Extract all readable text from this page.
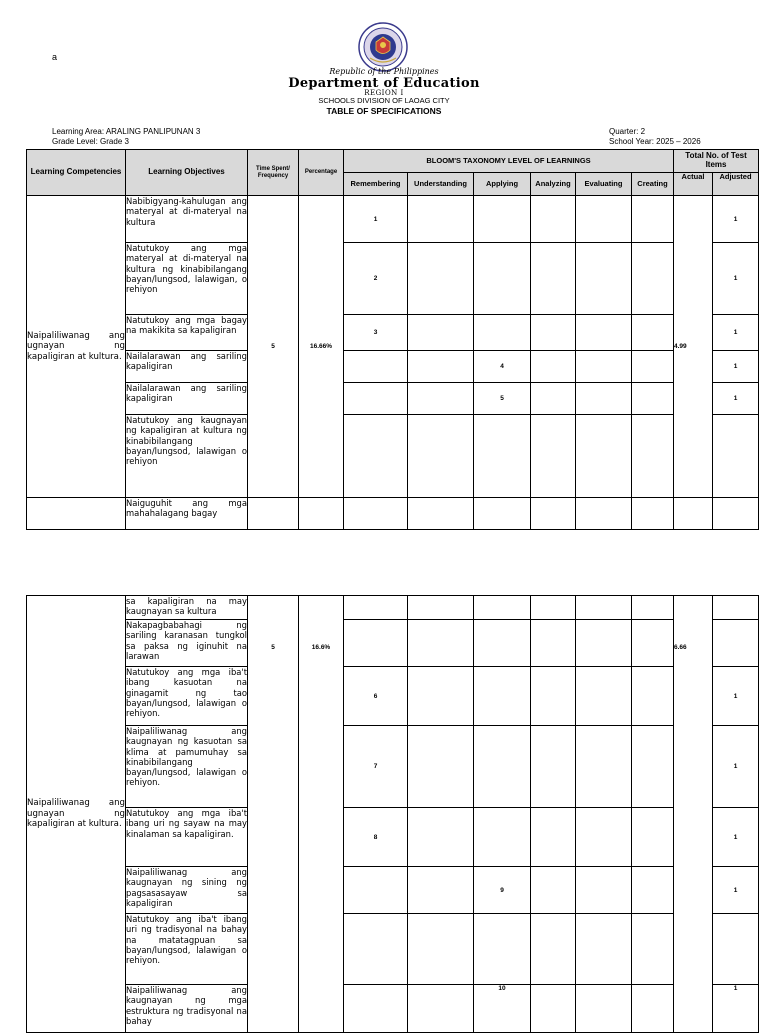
a
Republic of the Philippines
Department of Education
REGION I
SCHOOLS DIVISION OF LAOAG CITY
TABLE OF SPECIFICATIONS
Learning Area: ARALING PANLIPUNAN 3
Grade Level: Grade 3
Quarter: 2
School Year: 2025 – 2026
Learning Competencies	Learning Objectives	Time Spent/ Frequency	Percentage	BLOOM'S TAXONOMY LEVEL OF LEARNINGS						Total No. of Test Items	
				Remembering	Understanding	Applying	Analyzing	Evaluating	Creating	Actual	Adjusted
Naipaliliwanag ang ugnayan ng kapaligiran at kultura.	Nabibigyang-kahulugan ang materyal at di-materyal na kultura	5	16.66%	1						4.99	1
	Natutukoy ang mga materyal at di-materyal na kultura ng kinabibilangang bayan/lungsod, lalawigan, o rehiyon			2							1
	Natutukoy ang mga bagay na makikita sa kapaligiran			3							1
	Nailalarawan ang sariling kapaligiran					4					1
	Nailalarawan ang sariling kapaligiran					5					1
	Natutukoy ang kaugnayan ng kapaligiran at kultura ng kinabibilangang bayan/lungsod, lalawigan o rehiyon										
	Naiguguhit ang mga mahahalagang bagay										
Naipaliliwanag ang ugnayan ng kapaligiran at kultura.	sa kapaligiran na may kaugnayan sa kultura	5	16.6%							6.66	
	Nakapagbabahagi ng sariling karanasan tungkol sa paksa ng iginuhit na larawan										
	Natutukoy ang mga iba't ibang kasuotan na ginagamit ng tao bayan/lungsod, lalawigan o rehiyon.			6							1
	Naipaliliwanag ang kaugnayan ng kasuotan sa klima at pamumuhay sa kinabibilangang bayan/lungsod, lalawigan o rehiyon.			7							1
	Natutukoy ang mga iba't ibang uri ng sayaw na may kinalaman sa kapaligiran.			8							1
	Naipaliliwanag ang kaugnayan ng sining ng pagsasasayaw sa kapaligiran					9					1
	Natutukoy ang iba't ibang uri ng tradisyonal na bahay na matatagpuan sa bayan/lungsod, lalawigan o rehiyon.										
	Naipaliliwanag ang kaugnayan ng mga estruktura ng tradisyonal na bahay					10					1
